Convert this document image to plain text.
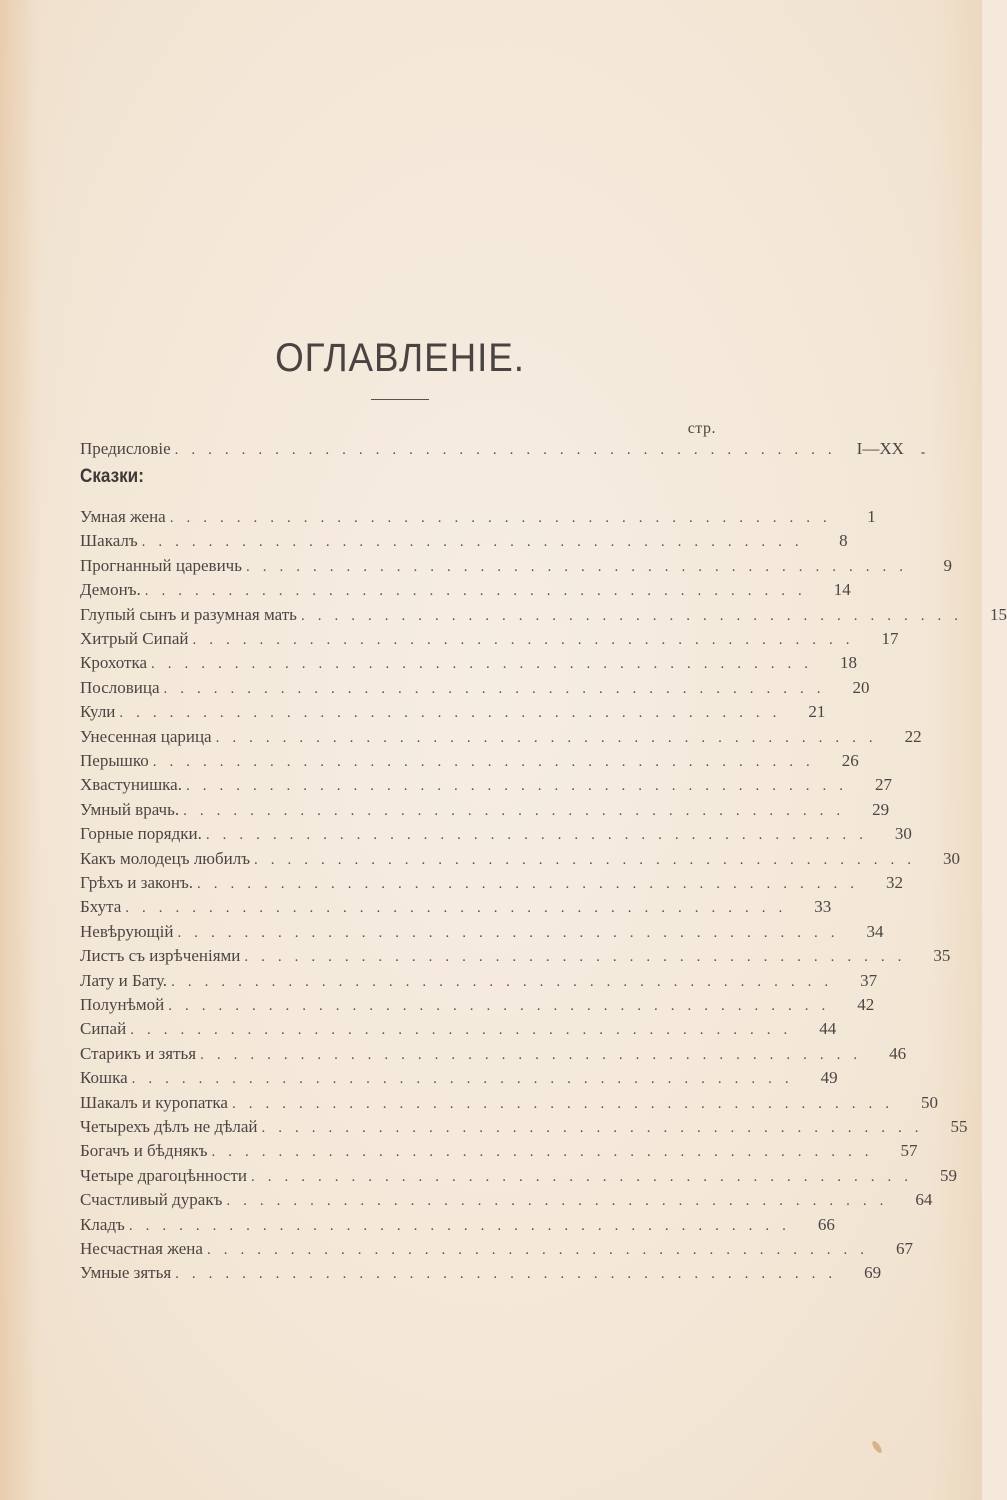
ОГЛАВЛЕНІЕ.
стр.
Предисловіе ........................................ I—XX
Сказки:
Умная жена ........................................	1
Шакалъ ........................................	8
Прогнанный царевичь ........................................	9
Демонъ. ........................................	14
Глупый сынъ и разумная мать ........................................	15
Хитрый Сипай ........................................	17
Крохотка ........................................	18
Пословица ........................................	20
Кули ........................................	21
Унесенная царица ........................................	22
Перышко ........................................	26
Хвастунишка. ........................................	27
Умный врачь. ........................................	29
Горные порядки. ........................................	30
Какъ молодецъ любилъ ........................................	30
Грѣхъ и законъ. ........................................	32
Бхута ........................................	33
Невѣрующій ........................................	34
Листъ съ изрѣченіями ........................................	35
Лату и Бату. ........................................	37
Полунѣмой ........................................	42
Сипай ........................................	44
Старикъ и зятья ........................................	46
Кошка ........................................	49
Шакалъ и куропатка ........................................	50
Четырехъ дѣлъ не дѣлай ........................................	55
Богачъ и бѣднякъ ........................................	57
Четыре драгоцѣнности ........................................	59
Счастливый дуракъ ........................................	64
Кладъ ........................................	66
Несчастная жена ........................................	67
Умные зятья ........................................	69
